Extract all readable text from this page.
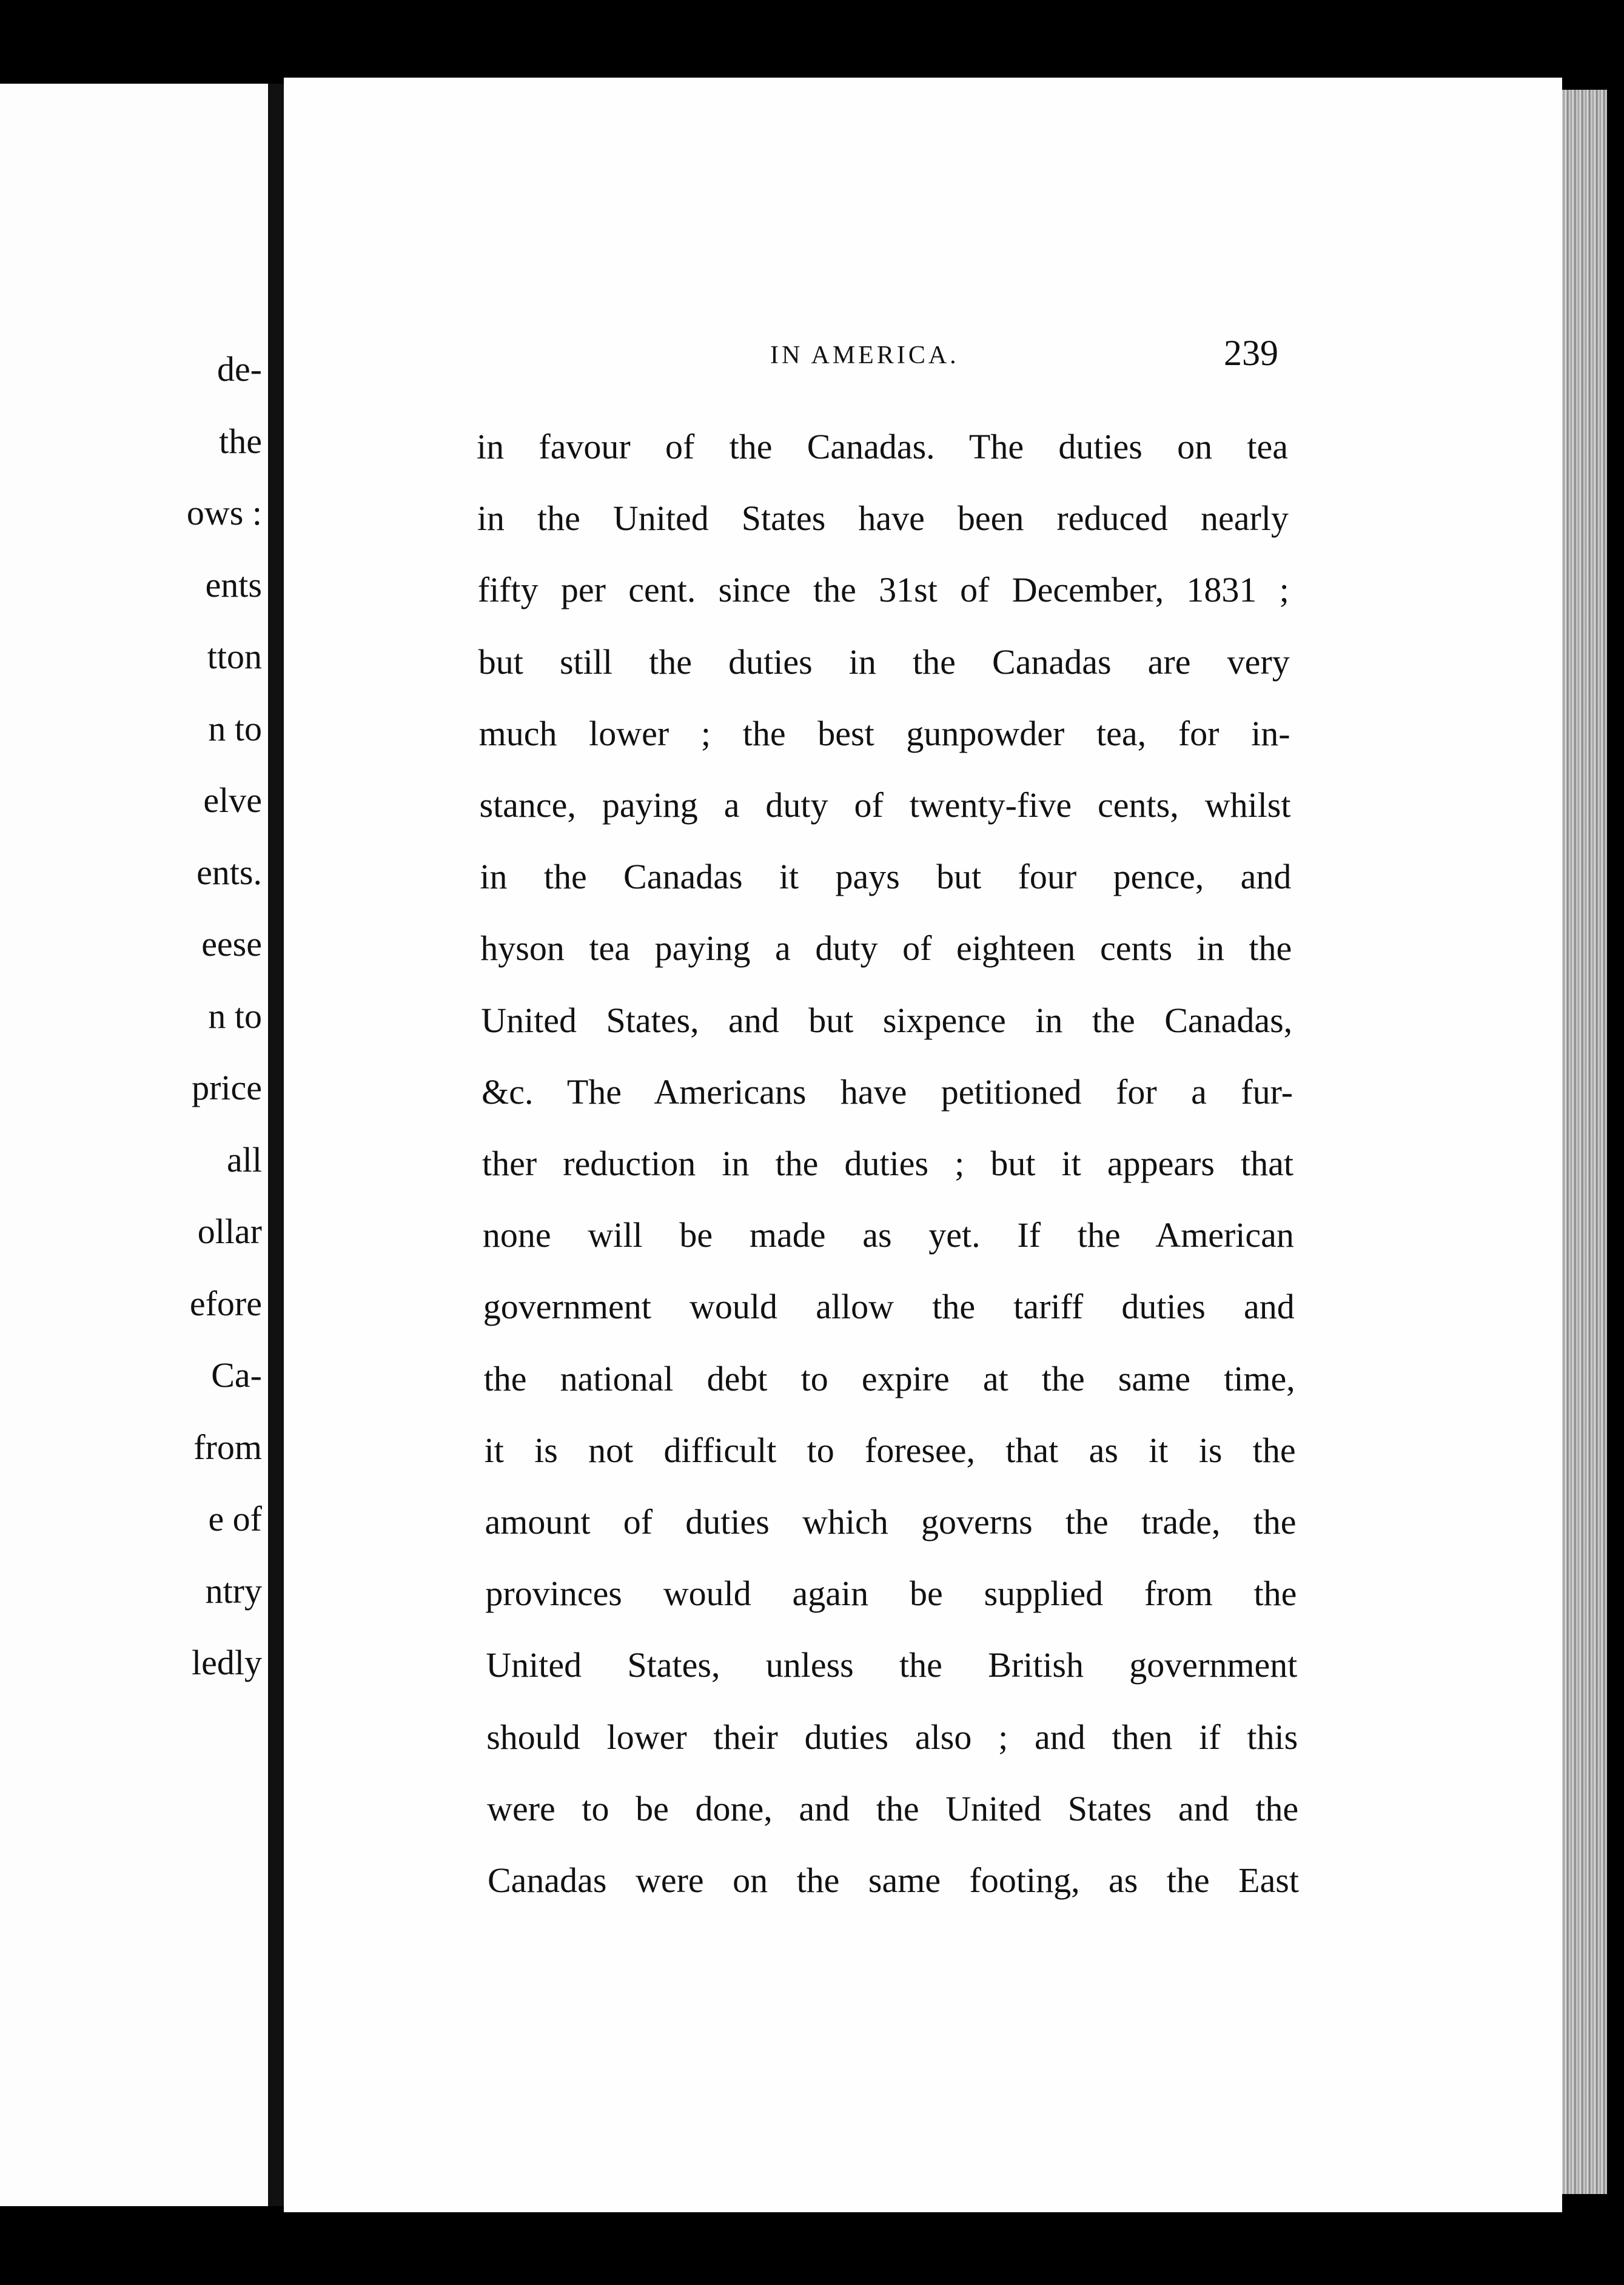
de-
the
ows :
ents
tton
n to
elve
ents.
eese
n to
price
all
ollar
efore
Ca-
from
e of
ntry
ledly
IN AMERICA.	239
in favour of the Canadas. The duties on tea
in the United States have been reduced nearly
fifty per cent. since the 31st of December, 1831 ;
but still the duties in the Canadas are very
much lower ; the best gunpowder tea, for in-
stance, paying a duty of twenty-five cents, whilst
in the Canadas it pays but four pence, and
hyson tea paying a duty of eighteen cents in the
United States, and but sixpence in the Canadas,
&c. The Americans have petitioned for a fur-
ther reduction in the duties ; but it appears that
none will be made as yet. If the American
government would allow the tariff duties and
the national debt to expire at the same time,
it is not difficult to foresee, that as it is the
amount of duties which governs the trade, the
provinces would again be supplied from the
United States, unless the British government
should lower their duties also ; and then if this
were to be done, and the United States and the
Canadas were on the same footing, as the East
